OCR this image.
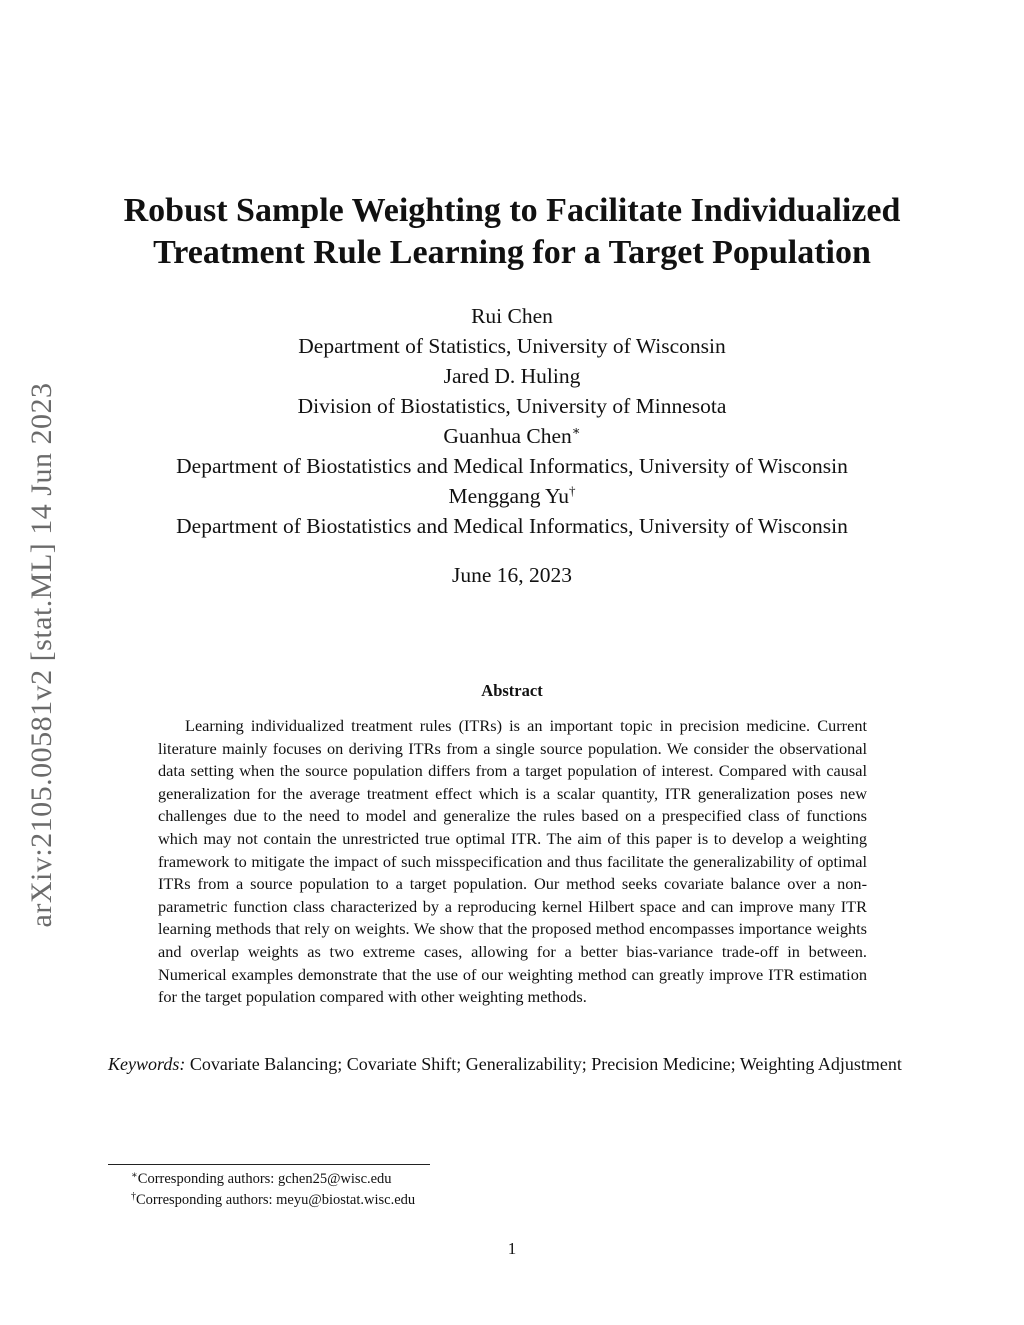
arXiv:2105.00581v2 [stat.ML] 14 Jun 2023
Robust Sample Weighting to Facilitate Individualized
Treatment Rule Learning for a Target Population
Rui Chen
Department of Statistics, University of Wisconsin
Jared D. Huling
Division of Biostatistics, University of Minnesota
Guanhua Chen∗
Department of Biostatistics and Medical Informatics, University of Wisconsin
Menggang Yu†
Department of Biostatistics and Medical Informatics, University of Wisconsin
June 16, 2023
Abstract

Learning individualized treatment rules (ITRs) is an important topic in precision medicine. Current literature mainly focuses on deriving ITRs from a single source population. We consider the observational data setting when the source population differs from a target population of interest. Compared with causal generalization for the average treatment effect which is a scalar quantity, ITR generalization poses new challenges due to the need to model and generalize the rules based on a prespecified class of functions which may not contain the unrestricted true optimal ITR. The aim of this paper is to develop a weighting framework to mitigate the impact of such misspecification and thus facilitate the generalizability of optimal ITRs from a source population to a target population. Our method seeks covariate balance over a non-parametric function class characterized by a reproducing kernel Hilbert space and can improve many ITR learning methods that rely on weights. We show that the proposed method encompasses importance weights and overlap weights as two extreme cases, allowing for a better bias-variance trade-off in between. Numerical examples demonstrate that the use of our weighting method can greatly improve ITR estimation for the target population compared with other weighting methods.

Keywords: Covariate Balancing; Covariate Shift; Generalizability; Precision Medicine; Weighting Adjustment
∗Corresponding authors: gchen25@wisc.edu
†Corresponding authors: meyu@biostat.wisc.edu
1
